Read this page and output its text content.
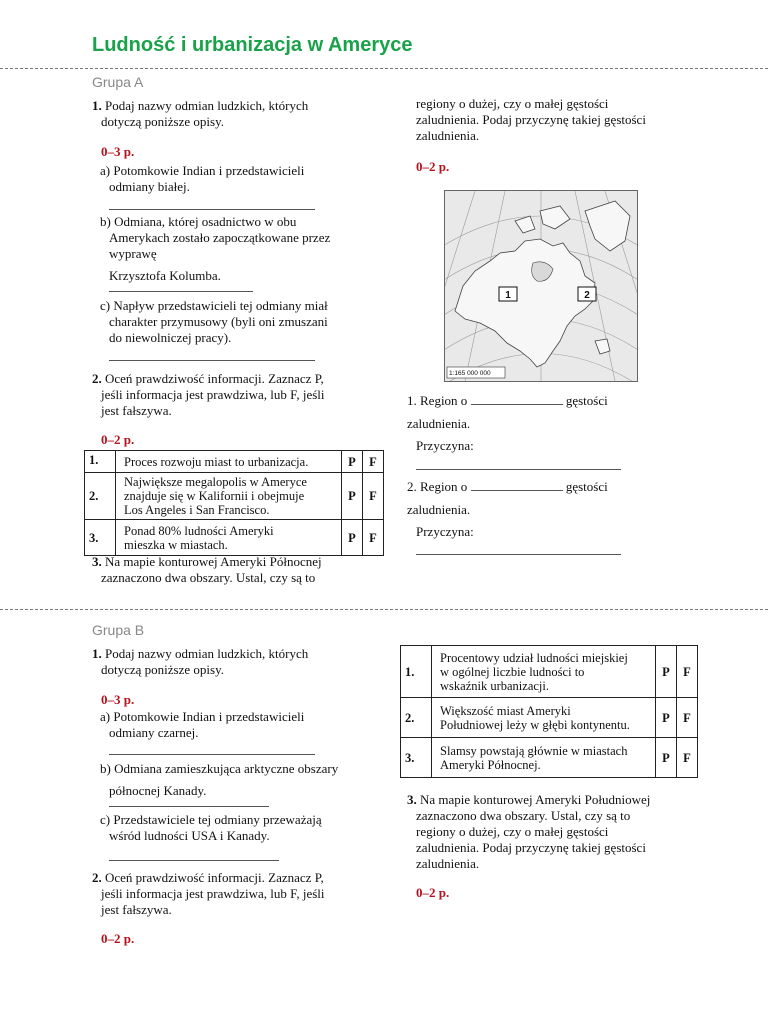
Ludność i urbanizacja w Ameryce
Grupa A
1. Podaj nazwy odmian ludzkich, których
dotyczą poniższe opisy.
0–3 p.
a) Potomkowie Indian i przedstawicieli
odmiany białej.
b) Odmiana, której osadnictwo w obu
Amerykach zostało zapoczątkowane przez
wyprawę
Krzysztofa Kolumba.
c) Napływ przedstawicieli tej odmiany miał
charakter przymusowy (byli oni zmuszani
do niewolniczej pracy).
2. Oceń prawdziwość informacji. Zaznacz P,
jeśli informacja jest prawdziwa, lub F, jeśli
jest fałszywa.
0–2 p.
1.	Proces rozwoju miast to urbanizacja.	P	F
2.	Największe megalopolis w Ameryce
znajduje się w Kalifornii i obejmuje
Los Angeles i San Francisco.	P	F
3.	Ponad 80% ludności Ameryki
mieszka w miastach.	P	F
3. Na mapie konturowej Ameryki Północnej
zaznaczono dwa obszary. Ustal, czy są to
regiony o dużej, czy o małej gęstości
zaludnienia. Podaj przyczynę takiej gęstości
zaludnienia.
0–2 p.
1	2
1:165 000 000
1. Region o	gęstości
zaludnienia.
Przyczyna:
2. Region o	gęstości
zaludnienia.
Przyczyna:
Grupa B
1. Podaj nazwy odmian ludzkich, których
dotyczą poniższe opisy.
0–3 p.
a) Potomkowie Indian i przedstawicieli
odmiany czarnej.
b) Odmiana zamieszkująca arktyczne obszary
północnej Kanady.
c) Przedstawiciele tej odmiany przeważają
wśród ludności USA i Kanady.
2. Oceń prawdziwość informacji. Zaznacz P,
jeśli informacja jest prawdziwa, lub F, jeśli
jest fałszywa.
0–2 p.
1.	Procentowy udział ludności miejskiej
w ogólnej liczbie ludności to
wskaźnik urbanizacji.	P	F
2.	Większość miast Ameryki
Południowej leży w głębi kontynentu.	P	F
3.	Slamsy powstają głównie w miastach
Ameryki Północnej.	P	F
3. Na mapie konturowej Ameryki Południowej
zaznaczono dwa obszary. Ustal, czy są to
regiony o dużej, czy o małej gęstości
zaludnienia. Podaj przyczynę takiej gęstości
zaludnienia.
0–2 p.
